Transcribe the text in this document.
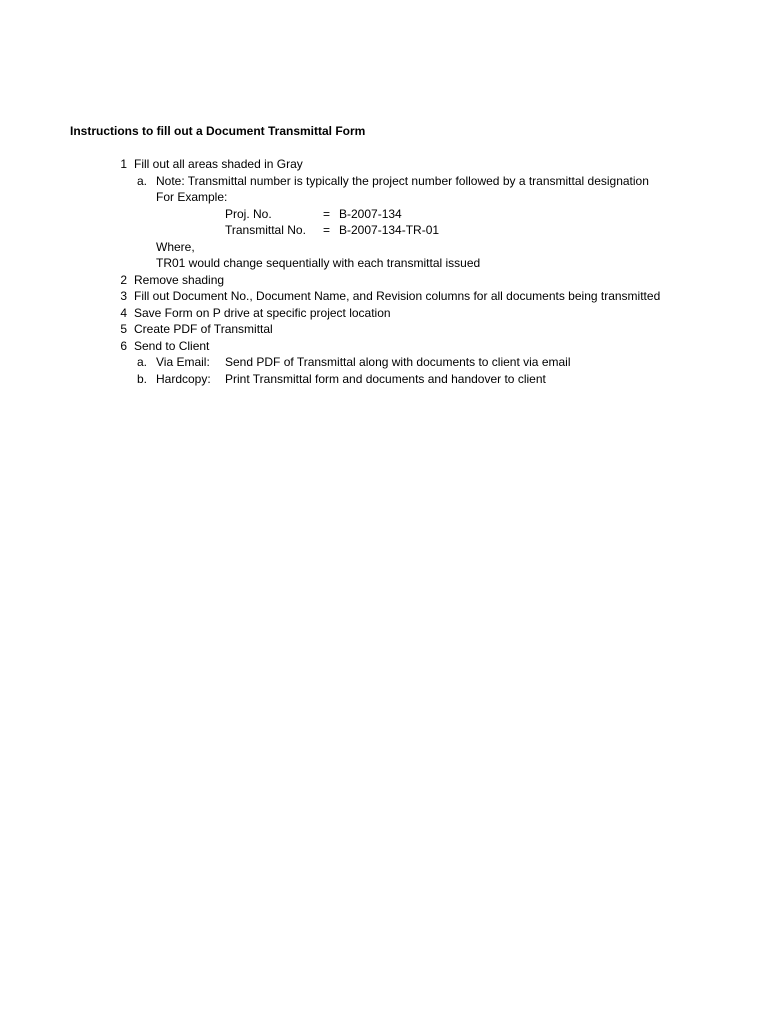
Instructions to fill out a Document Transmittal Form
1 Fill out all areas shaded in Gray
a. Note: Transmittal number is typically the project number followed by a transmittal designation
For Example:
Proj. No.	= B-2007-134
Transmittal No. = B-2007-134-TR-01
Where,
TR01 would change sequentially with each transmittal issued
2 Remove shading
3 Fill out Document No., Document Name, and Revision columns for all documents being transmitted
4 Save Form on P drive at specific project location
5 Create PDF of Transmittal
6 Send to Client
a. Via Email: Send PDF of Transmittal along with documents to client via email
b. Hardcopy: Print Transmittal form and documents and handover to client
